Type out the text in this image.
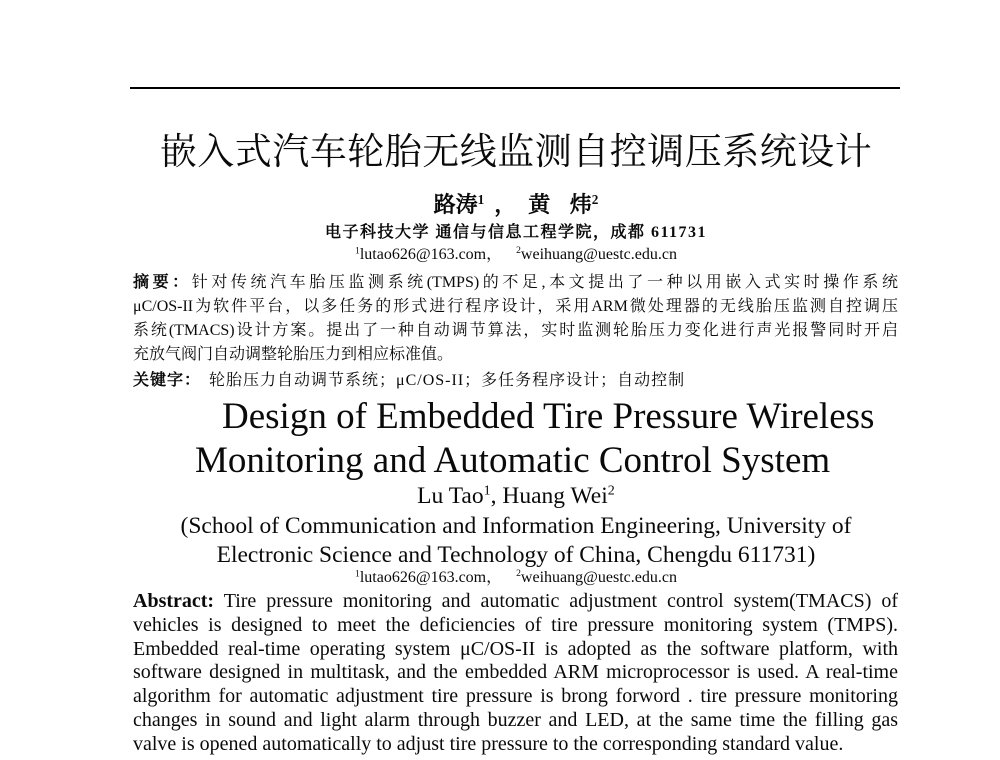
嵌入式汽车轮胎无线监测自控调压系统设计
路涛$^1$ ， 黄 炜$^2$
电子科技大学 通信与信息工程学院，成都 611731
$^1$lutao626@163.com， $^2$weihuang@uestc.edu.cn
摘要：针对传统汽车胎压监测系统(TMPS)的不足,本文提出了一种以用嵌入式实时操作系统
μC/OS-II为软件平台，以多任务的形式进行程序设计，采用ARM微处理器的无线胎压监测自控调压
系统(TMACS)设计方案。提出了一种自动调节算法，实时监测轮胎压力变化进行声光报警同时开启
充放气阀门自动调整轮胎压力到相应标准值。
关键字： 轮胎压力自动调节系统；μC/OS-II；多任务程序设计；自动控制
Design of Embedded Tire Pressure Wireless
Monitoring and Automatic Control System
Lu Tao$^1$, Huang Wei$^2$
(School of Communication and Information Engineering, University of
Electronic Science and Technology of China, Chengdu 611731)
$^1$lutao626@163.com， $^2$weihuang@uestc.edu.cn
Abstract: Tire pressure monitoring and automatic adjustment control system(TMACS) of
vehicles is designed to meet the deficiencies of tire pressure monitoring system (TMPS).
Embedded real-time operating system μC/OS-II is adopted as the software platform, with
software designed in multitask, and the embedded ARM microprocessor is used. A real-time
algorithm for automatic adjustment tire pressure is brong forword . tire pressure monitoring
changes in sound and light alarm through buzzer and LED, at the same time the filling gas
valve is opened automatically to adjust tire pressure to the corresponding standard value.
